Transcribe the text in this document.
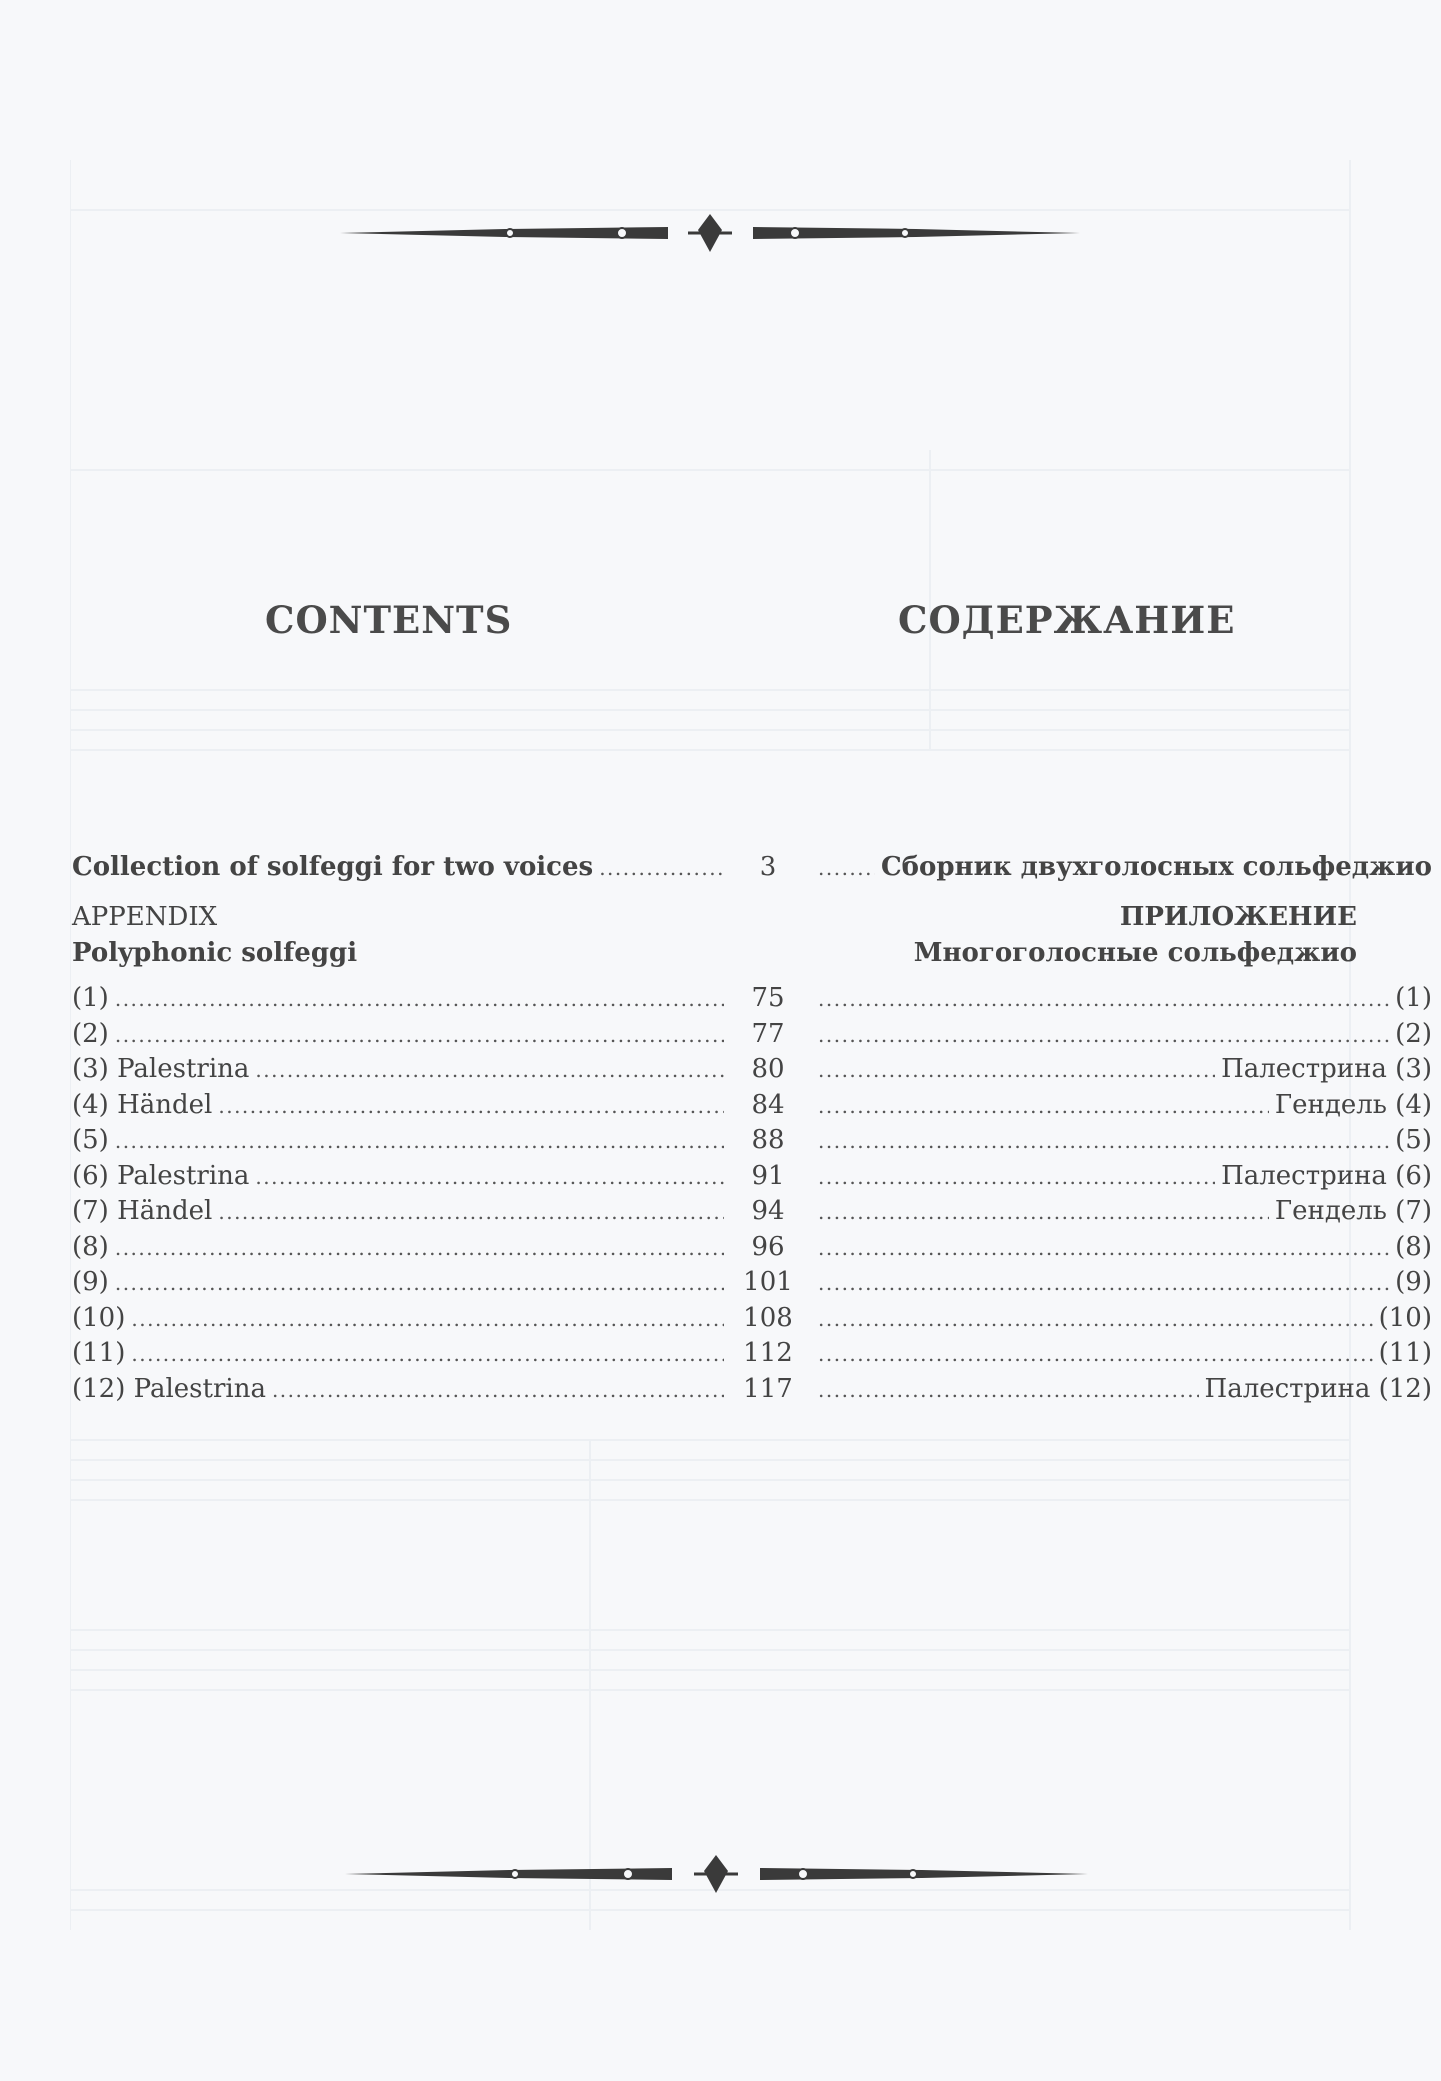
CONTENTS	СОДЕРЖАНИЕ
Collection of solfeggi for two voices .....	3 .....	Сборник двухголосных сольфеджио
APPENDIX
Polyphonic solfeggi
ПРИЛОЖЕНИЕ
Многоголосные сольфеджио
(1) .....	75 .....	(1)
(2) .....	77 .....	(2)
(3) Palestrina .....	80 .....	Палестрина (3)
(4) Händel .....	84 .....	Гендель (4)
(5) .....	88 .....	(5)
(6) Palestrina .....	91 .....	Палестрина (6)
(7) Händel .....	94 .....	Гендель (7)
(8) .....	96 .....	(8)
(9) .....	101 .....	(9)
(10) .....	108 .....	(10)
(11) .....	112 .....	(11)
(12) Palestrina .....	117 .....	Палестрина (12)
